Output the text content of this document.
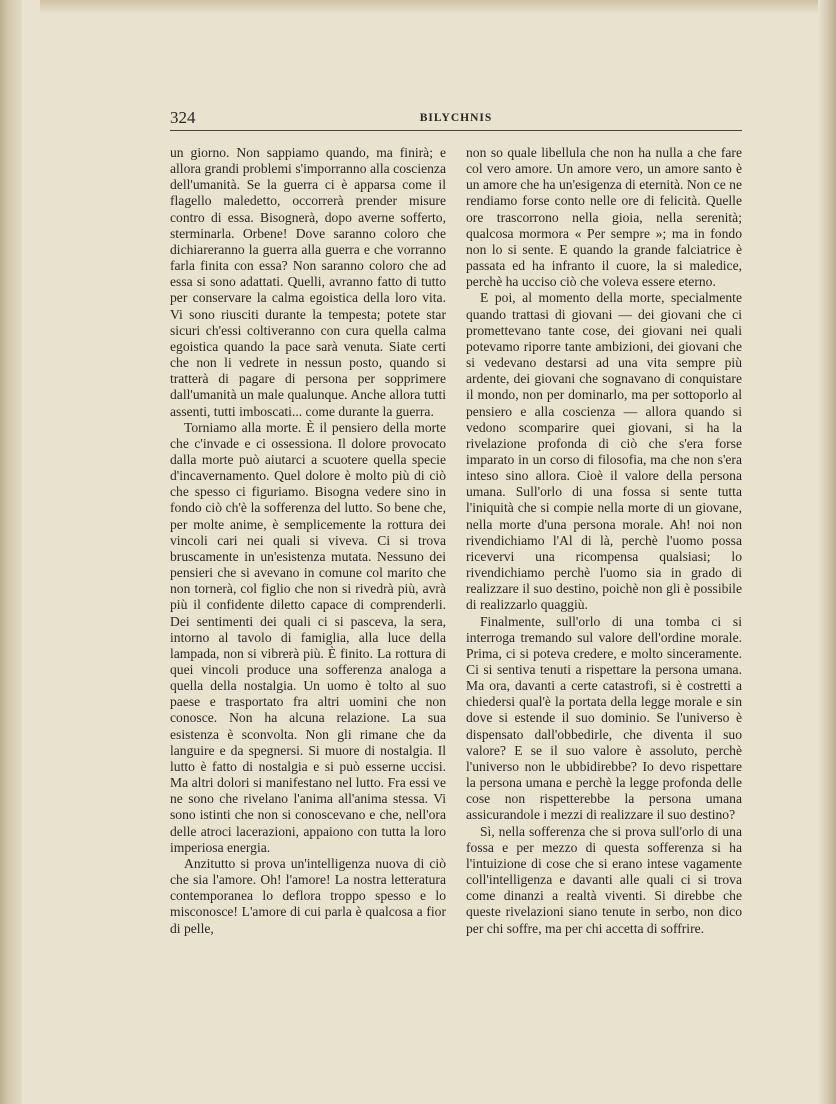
324	BILYCHNIS

un giorno. Non sappiamo quando, ma finirà; e allora grandi problemi s'imporranno alla coscienza dell'umanità. Se la guerra ci è apparsa come il flagello maledetto, occorrerà prender misure contro di essa. Bisognerà, dopo averne sofferto, sterminarla. Orbene! Dove saranno coloro che dichiareranno la guerra alla guerra e che vorranno farla finita con essa? Non saranno coloro che ad essa si sono adattati. Quelli, avranno fatto di tutto per conservare la calma egoistica della loro vita. Vi sono riusciti durante la tempesta; potete star sicuri ch'essi coltiveranno con cura quella calma egoistica quando la pace sarà venuta. Siate certi che non li vedrete in nessun posto, quando si tratterà di pagare di persona per sopprimere dall'umanità un male qualunque. Anche allora tutti assenti, tutti imboscati... come durante la guerra.

Torniamo alla morte. È il pensiero della morte che c'invade e ci ossessiona. Il dolore provocato dalla morte può aiutarci a scuotere quella specie d'incavernamento. Quel dolore è molto più di ciò che spesso ci figuriamo. Bisogna vedere sino in fondo ciò ch'è la sofferenza del lutto. So bene che, per molte anime, è semplicemente la rottura dei vincoli cari nei quali si viveva. Ci si trova bruscamente in un'esistenza mutata. Nessuno dei pensieri che si avevano in comune col marito che non tornerà, col figlio che non si rivedrà più, avrà più il confidente diletto capace di comprenderli. Dei sentimenti dei quali ci si pasceva, la sera, intorno al tavolo di famiglia, alla luce della lampada, non si vibrerà più. È finito. La rottura di quei vincoli produce una sofferenza analoga a quella della nostalgia. Un uomo è tolto al suo paese e trasportato fra altri uomini che non conosce. Non ha alcuna relazione. La sua esistenza è sconvolta. Non gli rimane che da languire e da spegnersi. Si muore di nostalgia. Il lutto è fatto di nostalgia e si può esserne uccisi. Ma altri dolori si manifestano nel lutto. Fra essi ve ne sono che rivelano l'anima all'anima stessa. Vi sono istinti che non si conoscevano e che, nell'ora delle atroci lacerazioni, appaiono con tutta la loro imperiosa energia.

Anzitutto si prova un'intelligenza nuova di ciò che sia l'amore. Oh! l'amore! La nostra letteratura contemporanea lo deflora troppo spesso e lo misconosce! L'amore di cui parla è qualcosa a fior di pelle,

non so quale libellula che non ha nulla a che fare col vero amore. Un amore vero, un amore santo è un amore che ha un'esigenza di eternità. Non ce ne rendiamo forse conto nelle ore di felicità. Quelle ore trascorrono nella gioia, nella serenità; qualcosa mormora « Per sempre »; ma in fondo non lo si sente. E quando la grande falciatrice è passata ed ha infranto il cuore, la si maledice, perchè ha ucciso ciò che voleva essere eterno.

E poi, al momento della morte, specialmente quando trattasi di giovani — dei giovani che ci promettevano tante cose, dei giovani nei quali potevamo riporre tante ambizioni, dei giovani che si vedevano destarsi ad una vita sempre più ardente, dei giovani che sognavano di conquistare il mondo, non per dominarlo, ma per sottoporlo al pensiero e alla coscienza — allora quando si vedono scomparire quei giovani, si ha la rivelazione profonda di ciò che s'era forse imparato in un corso di filosofia, ma che non s'era inteso sino allora. Cioè il valore della persona umana. Sull'orlo di una fossa si sente tutta l'iniquità che si compie nella morte di un giovane, nella morte d'una persona morale. Ah! noi non rivendichiamo l'Al di là, perchè l'uomo possa ricevervi una ricompensa qualsiasi; lo rivendichiamo perchè l'uomo sia in grado di realizzare il suo destino, poichè non gli è possibile di realizzarlo quaggiù.

Finalmente, sull'orlo di una tomba ci si interroga tremando sul valore dell'ordine morale. Prima, ci si poteva credere, e molto sinceramente. Ci si sentiva tenuti a rispettare la persona umana. Ma ora, davanti a certe catastrofi, si è costretti a chiedersi qual'è la portata della legge morale e sin dove si estende il suo dominio. Se l'universo è dispensato dall'obbedirle, che diventa il suo valore? E se il suo valore è assoluto, perchè l'universo non le ubbidirebbe? Io devo rispettare la persona umana e perchè la legge profonda delle cose non rispetterebbe la persona umana assicurandole i mezzi di realizzare il suo destino?

Sì, nella sofferenza che si prova sull'orlo di una fossa e per mezzo di questa sofferenza si ha l'intuizione di cose che si erano intese vagamente coll'intelligenza e davanti alle quali ci si trova come dinanzi a realtà viventi. Si direbbe che queste rivelazioni siano tenute in serbo, non dico per chi soffre, ma per chi accetta di soffrire.
